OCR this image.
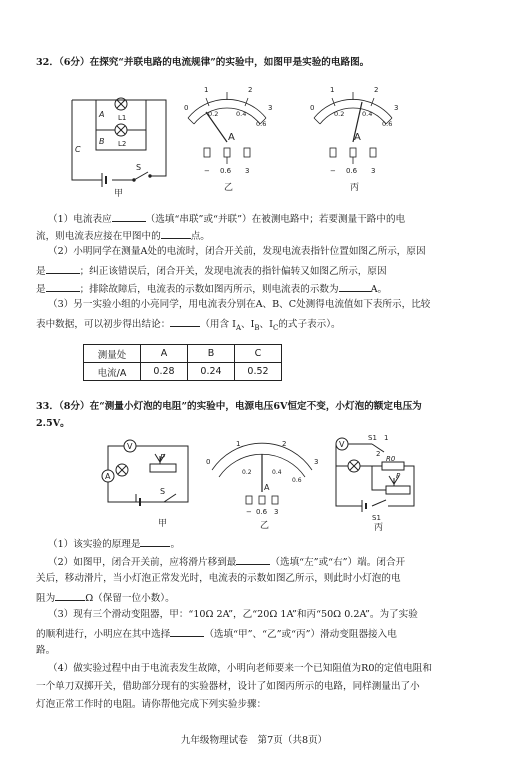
32．（6分）在探究“并联电路的电流规律”的实验中，如图甲是实验的电路图。
A L1
B L2
C
S
甲
0
1	2
3
0.2	0.4
0.6
A
− 0.6 3
乙
0
1	2
3
0.2	0.4
0.6
A
− 0.6 3
丙
（1）电流表应	（选填“串联”或“并联”）在被测电路中；若要测量干路中的电
流，则电流表应接在甲图中的	点。
（2）小明同学在测量A处的电流时，闭合开关前，发现电流表指针位置如图乙所示，原因
是	；纠正该错误后，闭合开关，发现电流表的指针偏转又如图乙所示，原因
是	；排除故障后，电流表的示数如图丙所示，则电流表的示数为	A。
（3）另一实验小组的小亮同学，用电流表分别在A、B、C处测得电流值如下表所示，比较
表中数据，可以初步得出结论：	（用含 $I_A$、$I_B$、$I_C$的式子表示）。
测量处	A	B	C
电流/A	0.28	0.24	0.52
33．（8分）在“测量小灯泡的电阻”的实验中，电源电压6V恒定不变，小灯泡的额定电压为
2.5V。
V
A
P
S
甲
0
1	2
3
0.2	0.4
0.6
A
− 0.6 3
乙
V
S1 1
2
R0
P
S1
丙
（1）该实验的原理是	。
（2）如图甲，闭合开关前，应将滑片移到最	（选填“左”或“右”）端。闭合开
关后，移动滑片，当小灯泡正常发光时，电流表的示数如图乙所示，则此时小灯泡的电
阻为	Ω（保留一位小数）。
（3）现有三个滑动变阻器，甲：“10Ω 2A”，乙“20Ω 1A”和丙“50Ω 0.2A”。为了实验
的顺利进行，小明应在其中选择	（选填“甲”、“乙”或“丙”）滑动变阻器接入电
路。
（4）做实验过程中由于电流表发生故障，小明向老师要来一个已知阻值为R0的定值电阻和
一个单刀双掷开关，借助部分现有的实验器材，设计了如图丙所示的电路，同样测量出了小
灯泡正常工作时的电阻。请你帮他完成下列实验步骤：
九年级物理试卷　第7页（共8页）
